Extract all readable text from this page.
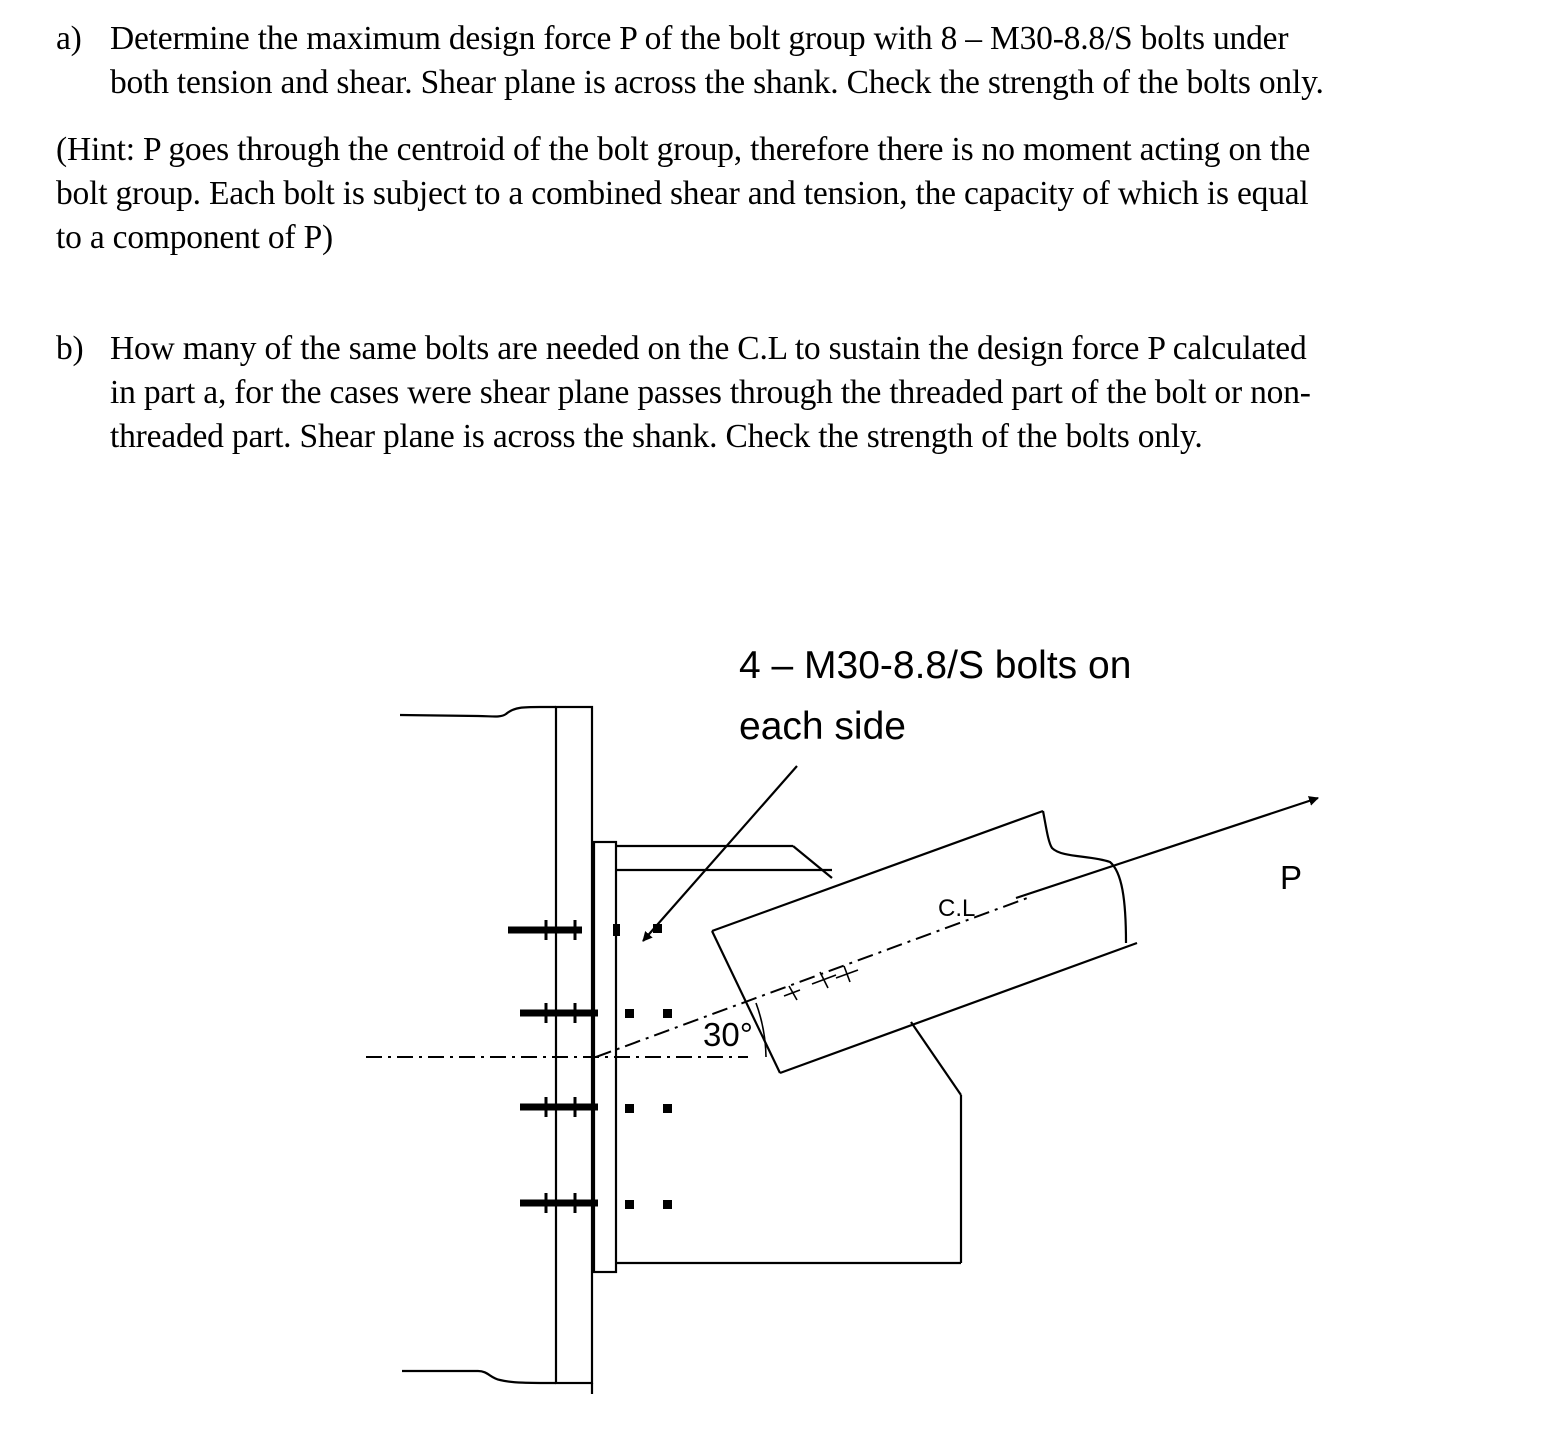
a) Determine the maximum design force P of the bolt group with 8 – M30-8.8/S bolts under
both tension and shear. Shear plane is across the shank. Check the strength of the bolts only.
(Hint: P goes through the centroid of the bolt group, therefore there is no moment acting on the
bolt group. Each bolt is subject to a combined shear and tension, the capacity of which is equal
to a component of P)
b) How many of the same bolts are needed on the C.L to sustain the design force P calculated
in part a, for the cases were shear plane passes through the threaded part of the bolt or non-
threaded part. Shear plane is across the shank. Check the strength of the bolts only.
4 – M30-8.8/S bolts on
each side
C.L
30°
P
